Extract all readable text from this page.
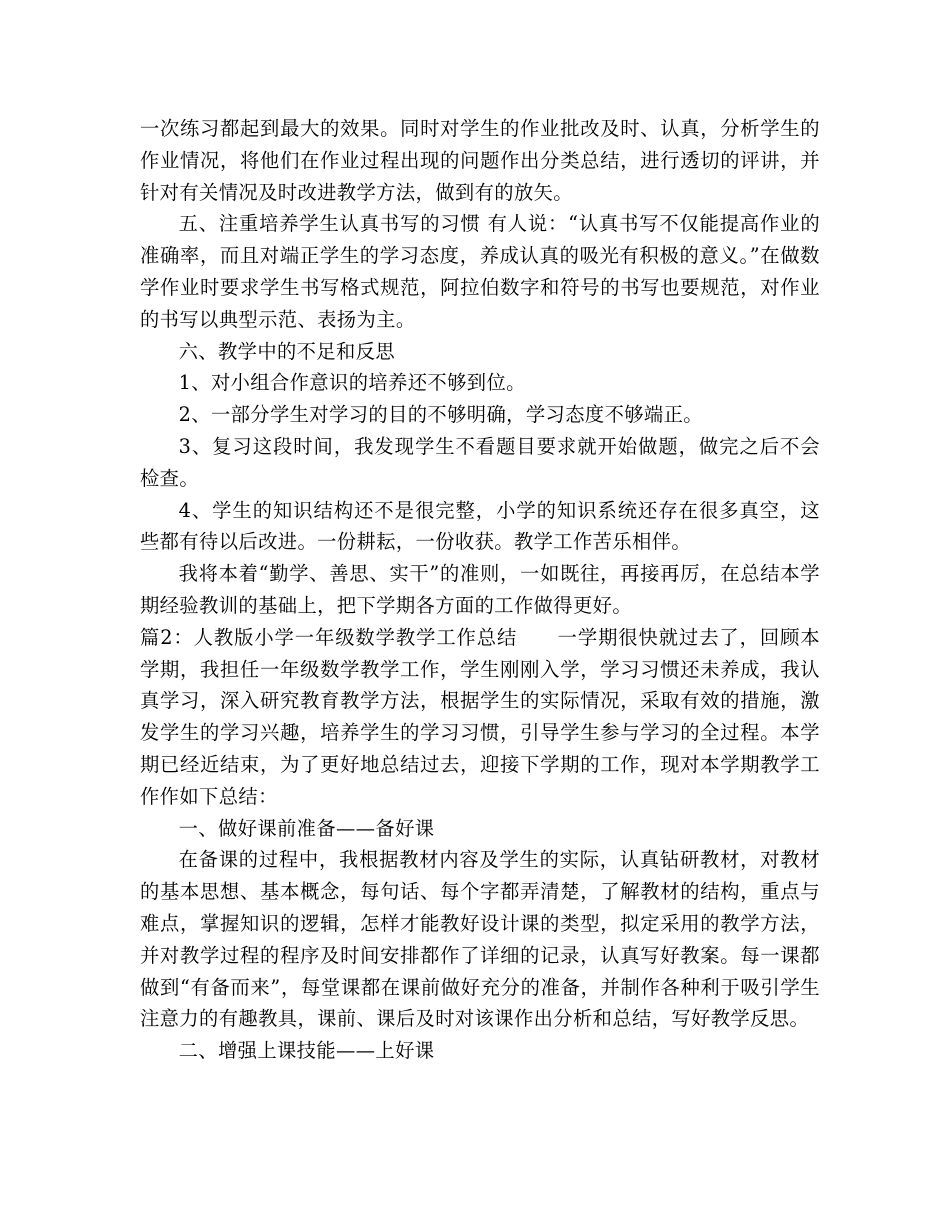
一次练习都起到最大的效果。同时对学生的作业批改及时、认真，分析学生的作业情况，将他们在作业过程出现的问题作出分类总结，进行透切的评讲，并针对有关情况及时改进教学方法，做到有的放矢。

五、注重培养学生认真书写的习惯 有人说：“认真书写不仅能提高作业的准确率，而且对端正学生的学习态度，养成认真的吸光有积极的意义。”在做数学作业时要求学生书写格式规范，阿拉伯数字和符号的书写也要规范，对作业的书写以典型示范、表扬为主。

六、教学中的不足和反思

1、对小组合作意识的培养还不够到位。

2、一部分学生对学习的目的不够明确，学习态度不够端正。

3、复习这段时间，我发现学生不看题目要求就开始做题，做完之后不会检查。

4、学生的知识结构还不是很完整，小学的知识系统还存在很多真空，这些都有待以后改进。一份耕耘，一份收获。教学工作苦乐相伴。

我将本着“勤学、善思、实干”的准则，一如既往，再接再厉，在总结本学期经验教训的基础上，把下学期各方面的工作做得更好。

篇2：人教版小学一年级数学教学工作总结　　一学期很快就过去了，回顾本学期，我担任一年级数学教学工作，学生刚刚入学，学习习惯还未养成，我认真学习，深入研究教育教学方法，根据学生的实际情况，采取有效的措施，激发学生的学习兴趣，培养学生的学习习惯，引导学生参与学习的全过程。本学期已经近结束，为了更好地总结过去，迎接下学期的工作，现对本学期教学工作作如下总结：

一、做好课前准备——备好课

在备课的过程中，我根据教材内容及学生的实际，认真钻研教材，对教材的基本思想、基本概念，每句话、每个字都弄清楚，了解教材的结构，重点与难点，掌握知识的逻辑，怎样才能教好设计课的类型，拟定采用的教学方法，并对教学过程的程序及时间安排都作了详细的记录，认真写好教案。每一课都做到“有备而来”，每堂课都在课前做好充分的准备，并制作各种利于吸引学生注意力的有趣教具，课前、课后及时对该课作出分析和总结，写好教学反思。

二、增强上课技能——上好课
